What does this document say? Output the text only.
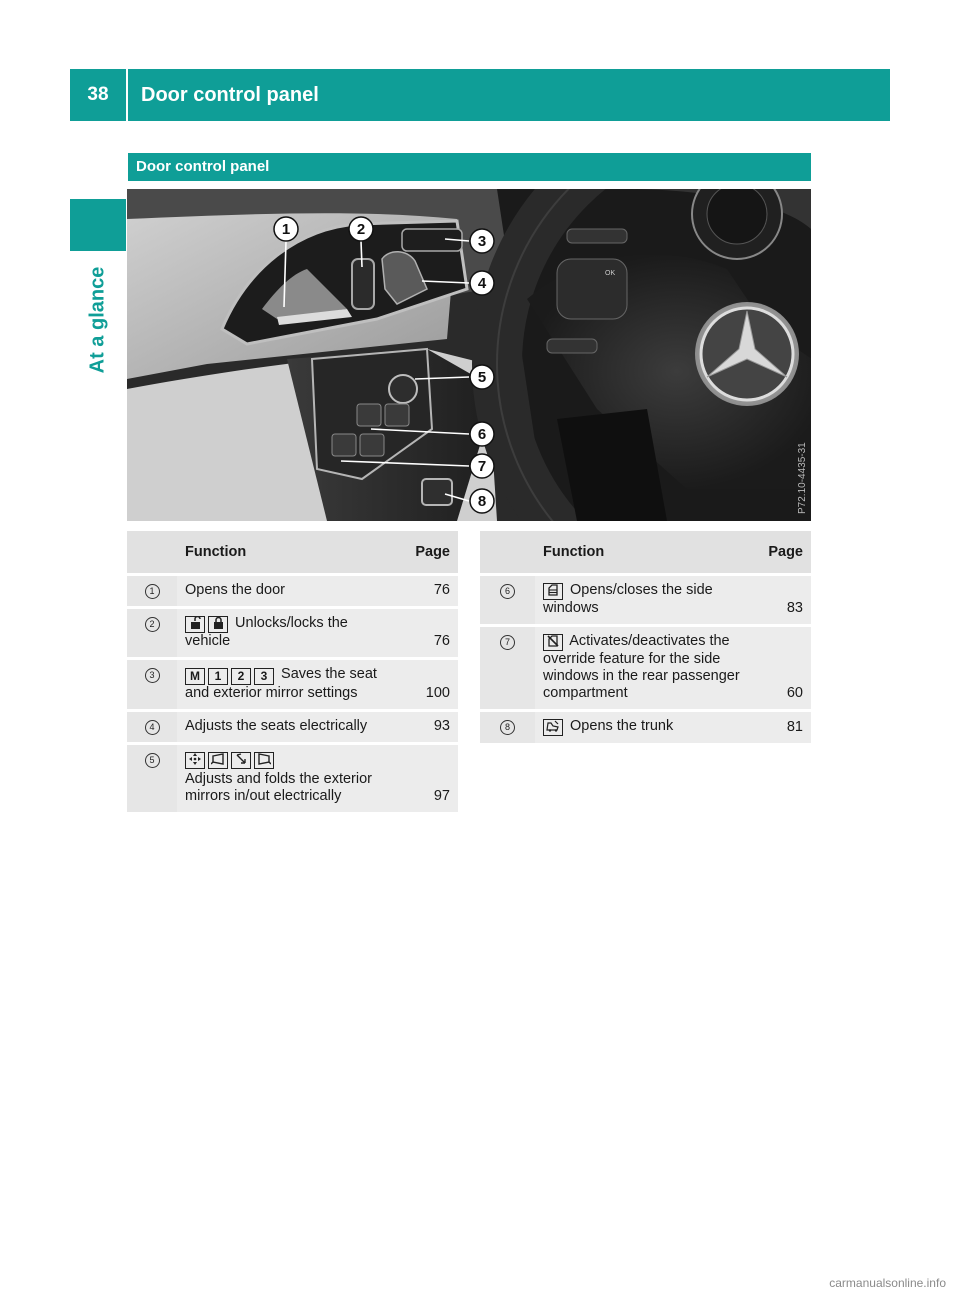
38	Door control panel
At a glance
Door control panel
OK
P72.10-4435-31
1	2
3
4
5
6
7
8
	Function	Page
1	Opens the door	76
2	Unlocks/locks the vehicle	76
3	M 1 2 3 Saves the seat and exterior mirror settings	100
4	Adjusts the seats electrically	93
5	Adjusts and folds the exterior mirrors in/out electrically	97
	Function	Page
6	Opens/closes the side windows	83
7	Activates/deactivates the override feature for the side windows in the rear passenger compartment	60
8	Opens the trunk	81
carmanualsonline.info
